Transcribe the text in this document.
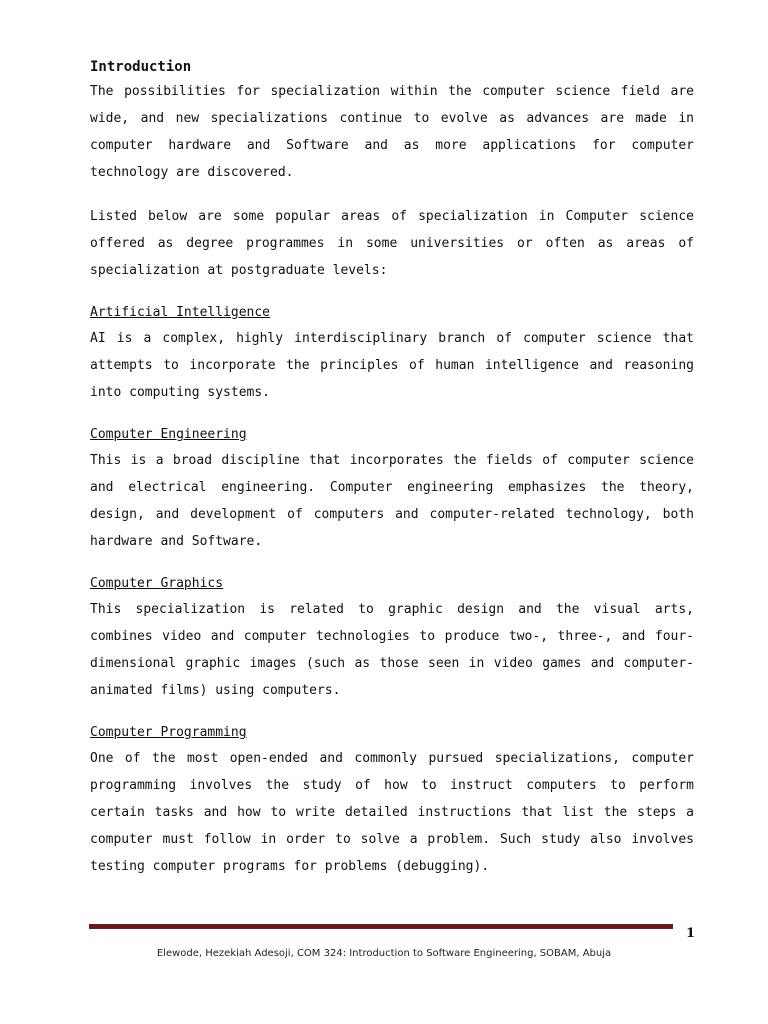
Introduction

The possibilities for specialization within the computer science field are wide, and new specializations continue to evolve as advances are made in computer hardware and Software and as more applications for computer technology are discovered.

Listed below are some popular areas of specialization in Computer science offered as degree programmes in some universities or often as areas of specialization at postgraduate levels:

Artificial Intelligence

AI is a complex, highly interdisciplinary branch of computer science that attempts to incorporate the principles of human intelligence and reasoning into computing systems.

Computer Engineering

This is a broad discipline that incorporates the fields of computer science and electrical engineering. Computer engineering emphasizes the theory, design, and development of computers and computer-related technology, both hardware and Software.

Computer Graphics

This specialization is related to graphic design and the visual arts, combines video and computer technologies to produce two-, three-, and four-dimensional graphic images (such as those seen in video games and computer- animated films) using computers.

Computer Programming

One of the most open-ended and commonly pursued specializations, computer programming involves the study of how to instruct computers to perform certain tasks and how to write detailed instructions that list the steps a computer must follow in order to solve a problem. Such study also involves testing computer programs for problems (debugging).

1
Elewode, Hezekiah Adesoji, COM 324: Introduction to Software Engineering, SOBAM, Abuja
